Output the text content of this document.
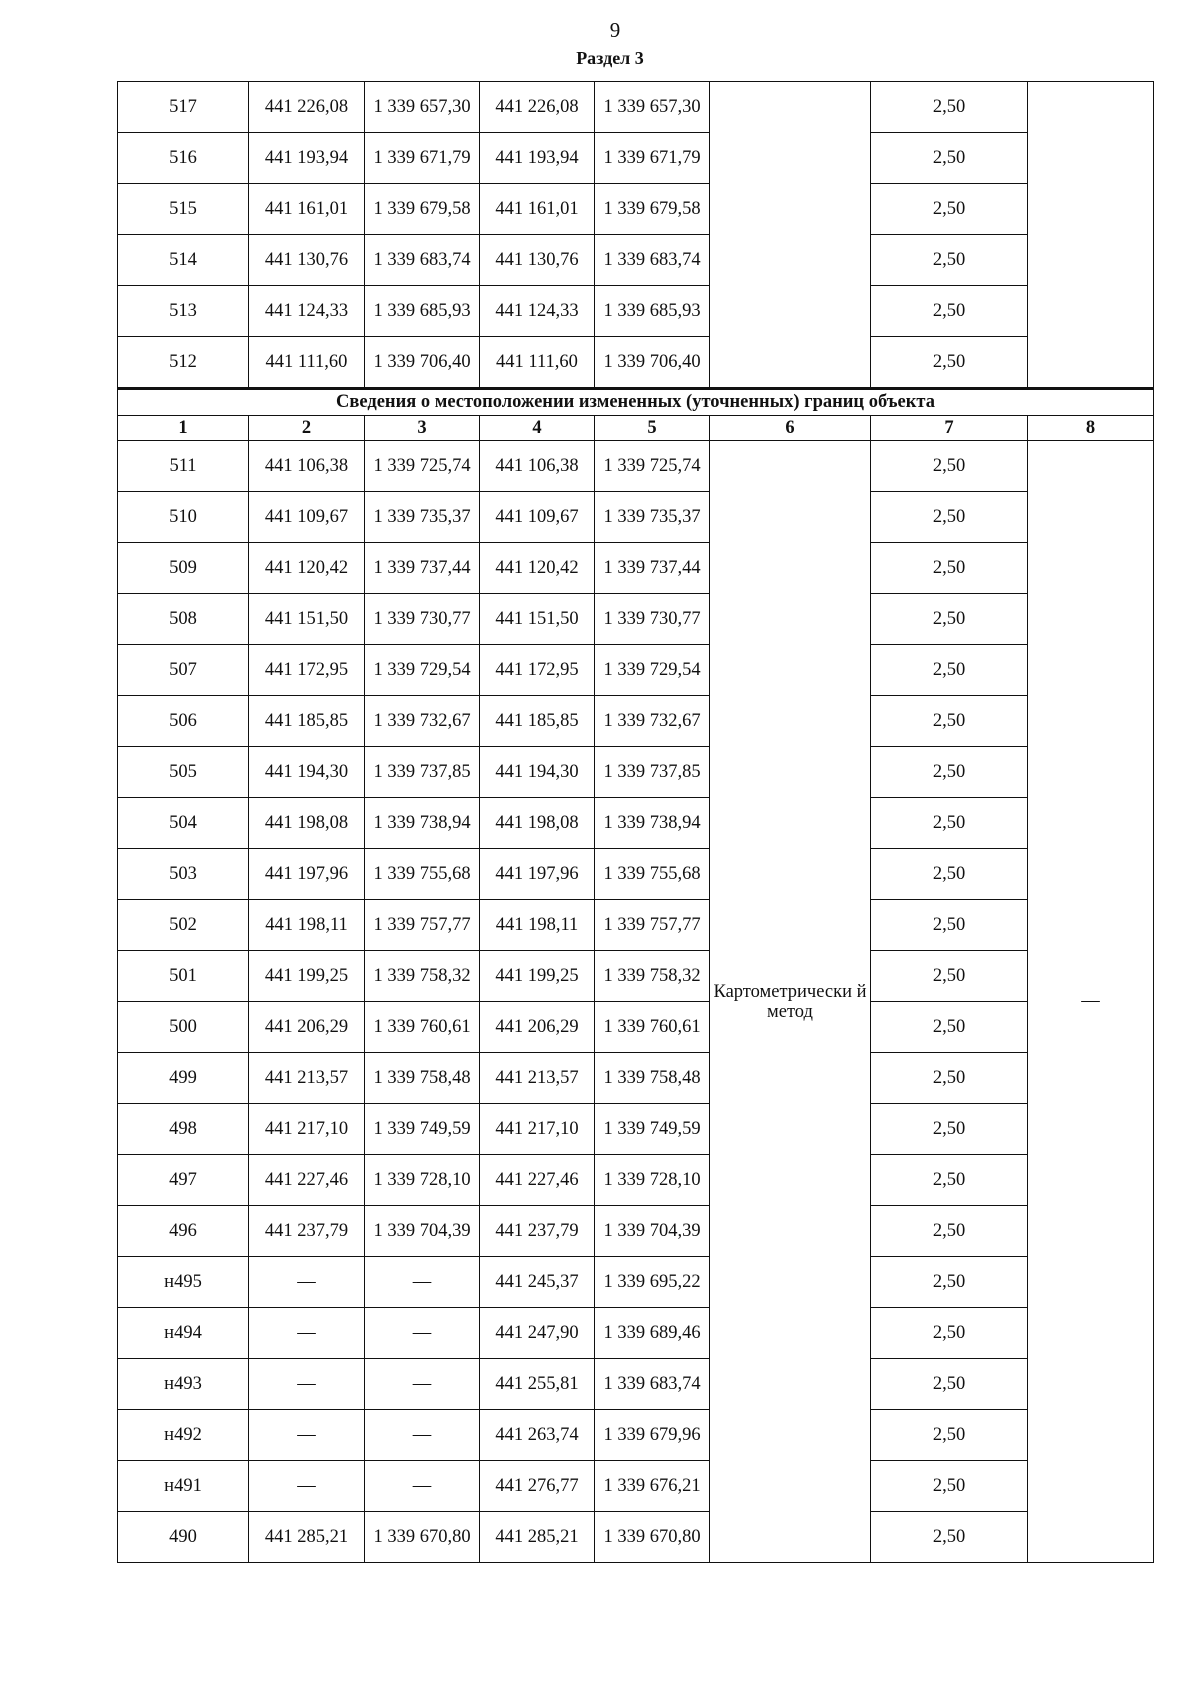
9
Раздел 3
517	441 226,08	1 339 657,30	441 226,08	1 339 657,30		2,50	
516	441 193,94	1 339 671,79	441 193,94	1 339 671,79		2,50	
515	441 161,01	1 339 679,58	441 161,01	1 339 679,58		2,50	
514	441 130,76	1 339 683,74	441 130,76	1 339 683,74		2,50	
513	441 124,33	1 339 685,93	441 124,33	1 339 685,93		2,50	
512	441 111,60	1 339 706,40	441 111,60	1 339 706,40		2,50	
Сведения о местоположении измененных (уточненных) границ объекта							
1	2	3	4	5	6	7	8
511	441 106,38	1 339 725,74	441 106,38	1 339 725,74	Картометрически й метод	2,50	—
510	441 109,67	1 339 735,37	441 109,67	1 339 735,37		2,50	
509	441 120,42	1 339 737,44	441 120,42	1 339 737,44		2,50	
508	441 151,50	1 339 730,77	441 151,50	1 339 730,77		2,50	
507	441 172,95	1 339 729,54	441 172,95	1 339 729,54		2,50	
506	441 185,85	1 339 732,67	441 185,85	1 339 732,67		2,50	
505	441 194,30	1 339 737,85	441 194,30	1 339 737,85		2,50	
504	441 198,08	1 339 738,94	441 198,08	1 339 738,94		2,50	
503	441 197,96	1 339 755,68	441 197,96	1 339 755,68		2,50	
502	441 198,11	1 339 757,77	441 198,11	1 339 757,77		2,50	
501	441 199,25	1 339 758,32	441 199,25	1 339 758,32		2,50	
500	441 206,29	1 339 760,61	441 206,29	1 339 760,61		2,50	
499	441 213,57	1 339 758,48	441 213,57	1 339 758,48		2,50	
498	441 217,10	1 339 749,59	441 217,10	1 339 749,59		2,50	
497	441 227,46	1 339 728,10	441 227,46	1 339 728,10		2,50	
496	441 237,79	1 339 704,39	441 237,79	1 339 704,39		2,50	
н495	—	—	441 245,37	1 339 695,22		2,50	
н494	—	—	441 247,90	1 339 689,46		2,50	
н493	—	—	441 255,81	1 339 683,74		2,50	
н492	—	—	441 263,74	1 339 679,96		2,50	
н491	—	—	441 276,77	1 339 676,21		2,50	
490	441 285,21	1 339 670,80	441 285,21	1 339 670,80		2,50	
